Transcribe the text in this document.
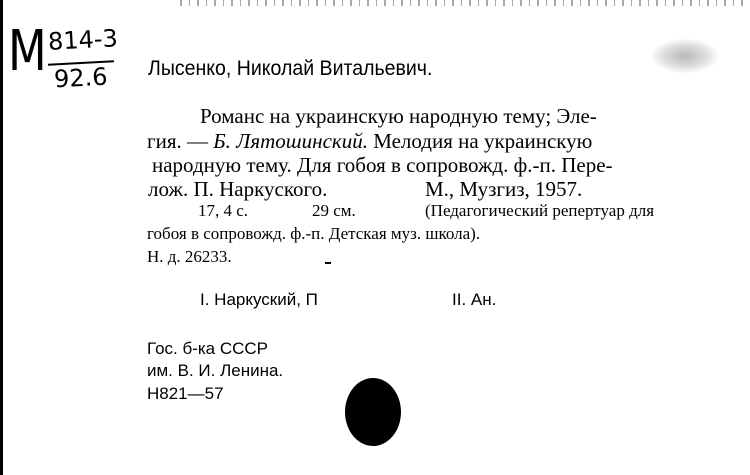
М 814-3
92.6 Лысенко, Николай Витальевич.
Романс на украинскую народную тему; Эле-
гия. — Б. Лятошинский. Мелодия на украинскую
народную тему. Для гобоя в сопровожд. ф.-п. Пере-
лож. П. Наркуского.	М., Музгиз, 1957.
17, 4 с.	29 см.	(Педагогический репертуар для
гобоя в сопровожд. ф.-п. Детская муз. школа).
Н. д. 26233.
I. Наркуский, П	II. Ан.
Гос. б-ка СССР
им. В. И. Ленина.
Н821—57
